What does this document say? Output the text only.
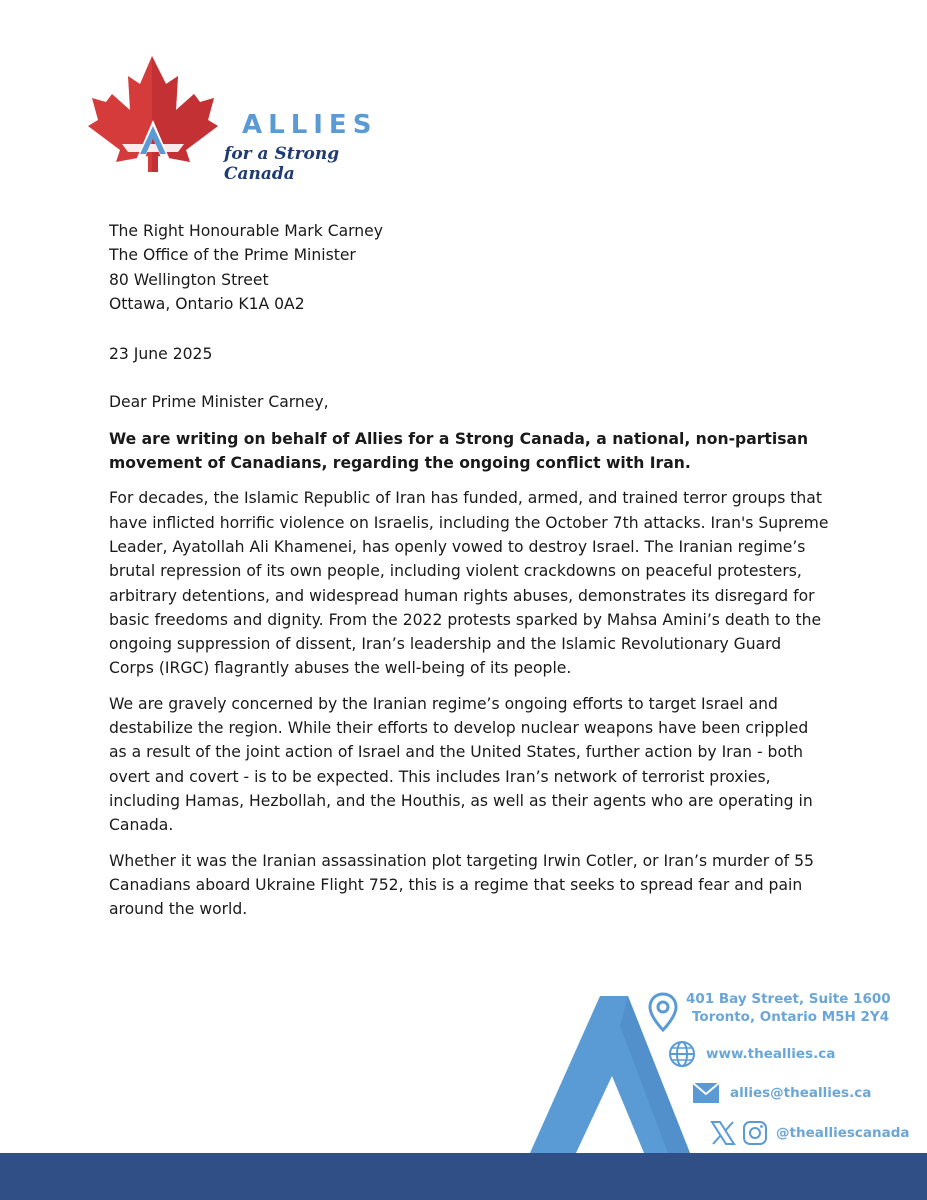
ALLIES
for a Strong Canada

The Right Honourable Mark Carney
The Office of the Prime Minister
80 Wellington Street
Ottawa, Ontario K1A 0A2

23 June 2025

Dear Prime Minister Carney,

We are writing on behalf of Allies for a Strong Canada, a national, non-partisan movement of Canadians, regarding the ongoing conflict with Iran.

For decades, the Islamic Republic of Iran has funded, armed, and trained terror groups that have inflicted horrific violence on Israelis, including the October 7th attacks. Iran's Supreme Leader, Ayatollah Ali Khamenei, has openly vowed to destroy Israel. The Iranian regime’s brutal repression of its own people, including violent crackdowns on peaceful protesters, arbitrary detentions, and widespread human rights abuses, demonstrates its disregard for basic freedoms and dignity. From the 2022 protests sparked by Mahsa Amini’s death to the ongoing suppression of dissent, Iran’s leadership and the Islamic Revolutionary Guard Corps (IRGC) flagrantly abuses the well-being of its people.

We are gravely concerned by the Iranian regime’s ongoing efforts to target Israel and destabilize the region. While their efforts to develop nuclear weapons have been crippled as a result of the joint action of Israel and the United States, further action by Iran - both overt and covert - is to be expected. This includes Iran’s network of terrorist proxies, including Hamas, Hezbollah, and the Houthis, as well as their agents who are operating in Canada.

Whether it was the Iranian assassination plot targeting Irwin Cotler, or Iran’s murder of 55 Canadians aboard Ukraine Flight 752, this is a regime that seeks to spread fear and pain around the world.

401 Bay Street, Suite 1600
Toronto, Ontario M5H 2Y4
www.theallies.ca
allies@theallies.ca
@thealliescanada
